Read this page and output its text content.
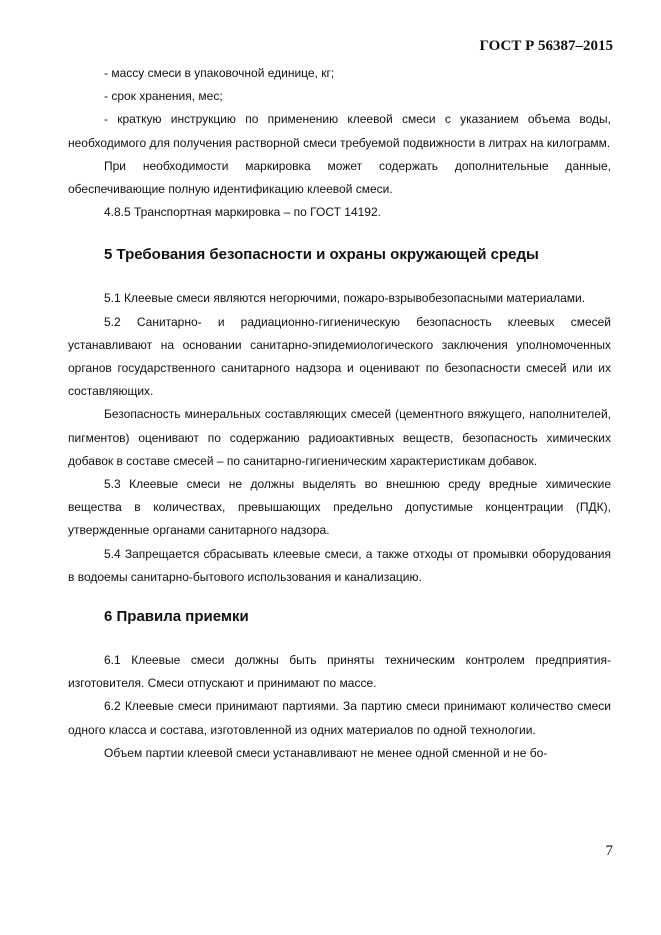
ГОСТ Р 56387–2015

- массу смеси в упаковочной единице, кг;

- срок хранения, мес;

- краткую инструкцию по применению клеевой смеси с указанием объема воды, необходимого для получения растворной смеси требуемой подвижности в литрах на килограмм.

При необходимости маркировка может содержать дополнительные данные, обеспечивающие полную идентификацию клеевой смеси.

4.8.5 Транспортная маркировка – по ГОСТ 14192.

5 Требования безопасности и охраны окружающей среды

5.1 Клеевые смеси являются негорючими, пожаро-взрывобезопасными материалами.

5.2 Санитарно- и радиационно-гигиеническую безопасность клеевых смесей устанавливают на основании санитарно-эпидемиологического заключения уполномоченных органов государственного санитарного надзора и оценивают по безопасности смесей или их составляющих.

Безопасность минеральных составляющих смесей (цементного вяжущего, наполнителей, пигментов) оценивают по содержанию радиоактивных веществ, безопасность химических добавок в составе смесей – по санитарно-гигиеническим характеристикам добавок.

5.3 Клеевые смеси не должны выделять во внешнюю среду вредные химические вещества в количествах, превышающих предельно допустимые концентрации (ПДК), утвержденные органами санитарного надзора.

5.4 Запрещается сбрасывать клеевые смеси, а также отходы от промывки оборудования в водоемы санитарно-бытового использования и канализацию.

6 Правила приемки

6.1 Клеевые смеси должны быть приняты техническим контролем предприятия-изготовителя. Смеси отпускают и принимают по массе.

6.2 Клеевые смеси принимают партиями. За партию смеси принимают количество смеси одного класса и состава, изготовленной из одних материалов по одной технологии.

Объем партии клеевой смеси устанавливают не менее одной сменной и не бо-

7
